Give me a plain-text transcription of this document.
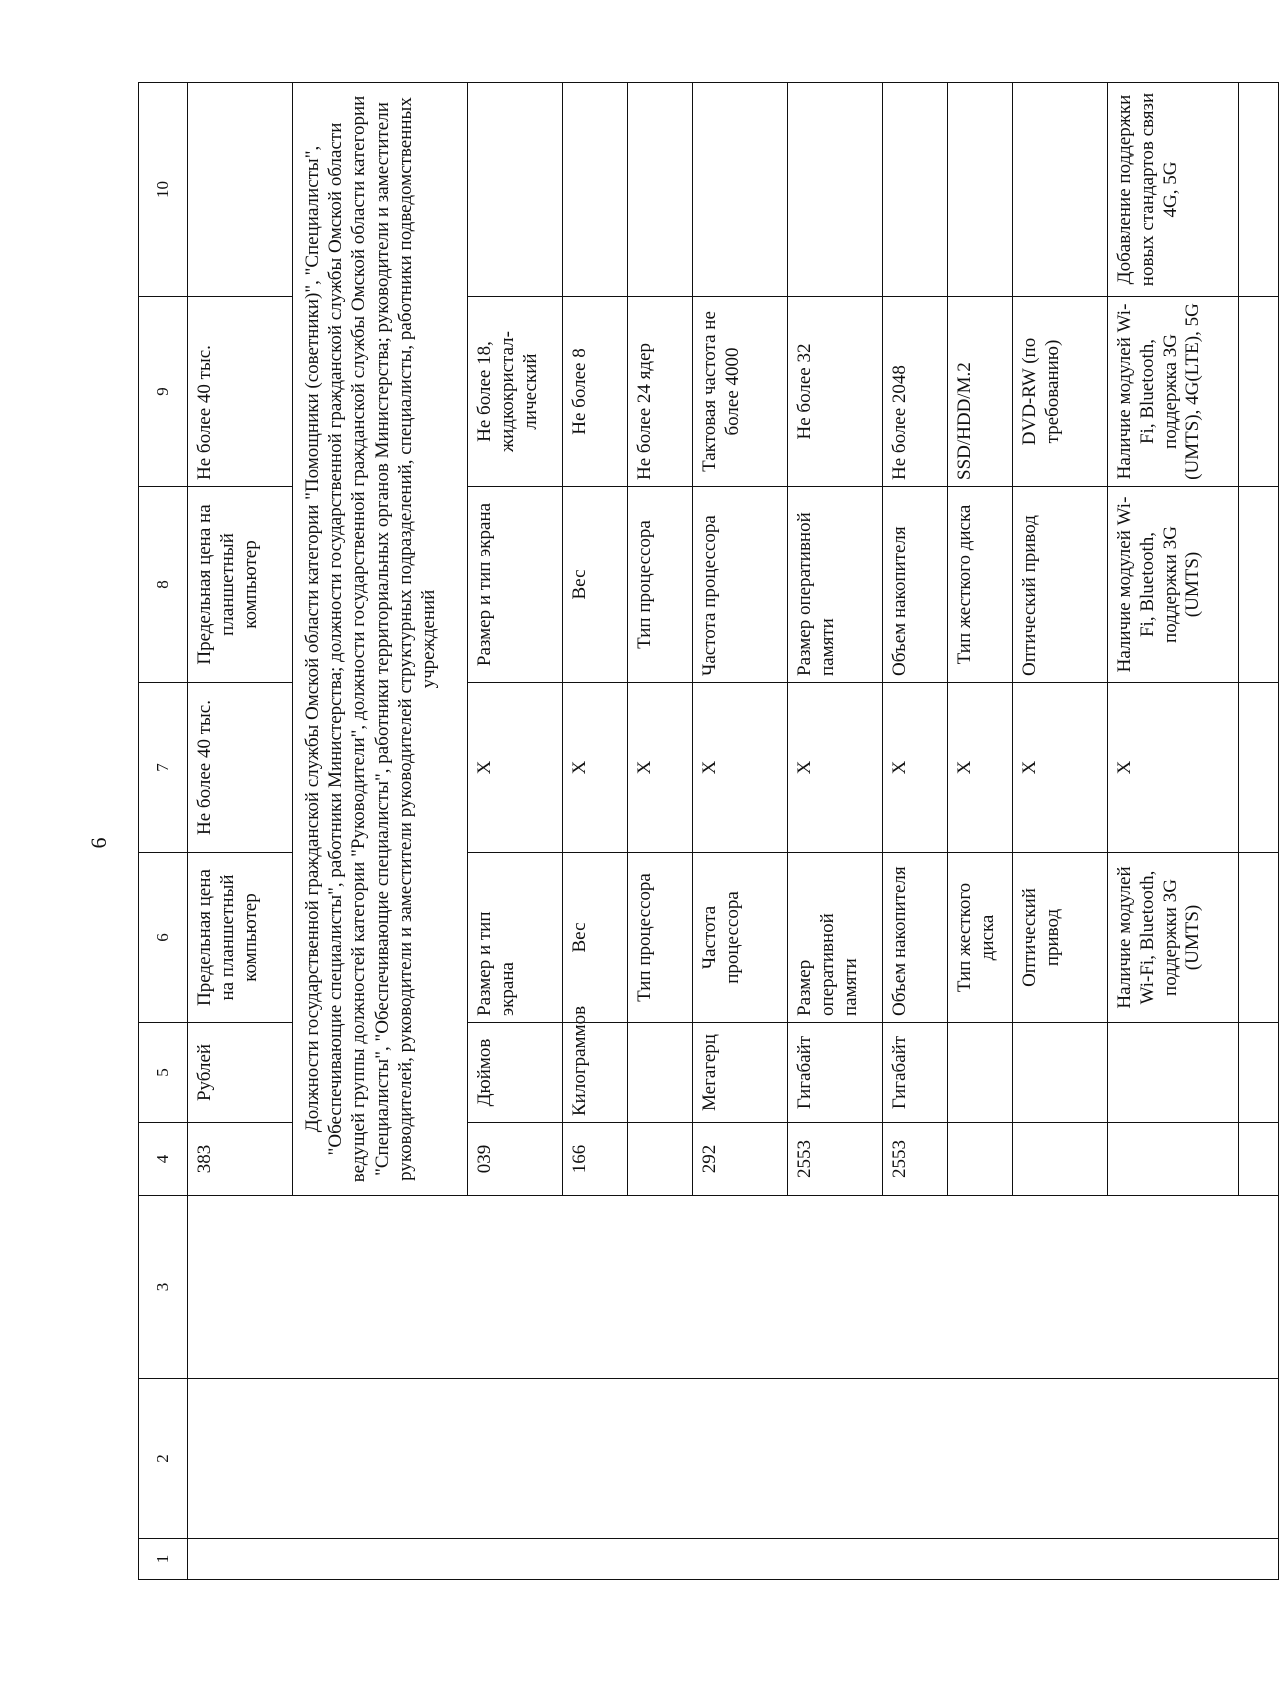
6
1	2	3	4	5	6	7	8	9	10
			383	Рублей	Предельная цена на планшетный компьютер	Не более 40 тыс.	Предельная цена на планшетный компьютер	Не более 40 тыс.	
			Должности государственной гражданской службы Омской области категории "Помощники (советники)", "Специалисты", "Обеспечивающие специалисты", работники Министерства; должности государственной гражданской службы Омской области ведущей группы должностей категории "Руководители", должности государственной гражданской службы Омской области категории "Специалисты", "Обеспечивающие специалисты", работники территориальных органов Министерства; руководители и заместители руководителей, руководители и заместители руководителей структурных подразделений, специалисты, работники подведомственных учреждений						
			039	Дюймов	Размер и тип экрана	X	Размер и тип экрана	Не более 18, жидкокристал-лический	
			166	Килограммов	Вес	X	Вес	Не более 8	
					Тип процессора	X	Тип процессора	Не более 24 ядер	
			292	Мегагерц	Частота процессора	X	Частота процессора	Тактовая частота не более 4000	
			2553	Гигабайт	Размер оперативной памяти	X	Размер оперативной памяти	Не более 32	
			2553	Гигабайт	Объем накопителя	X	Объем накопителя	Не более 2048	
					Тип жесткого диска	X	Тип жесткого диска	SSD/HDD/M.2	
					Оптический привод	X	Оптический привод	DVD-RW (по требованию)	
					Наличие модулей Wi-Fi, Bluetooth, поддержки 3G (UMTS)	X	Наличие модулей Wi-Fi, Bluetooth, поддержки 3G (UMTS)	Наличие модулей Wi-Fi, Bluetooth, поддержка 3G (UMTS), 4G(LTE), 5G	Добавление поддержки новых стандартов связи 4G, 5G
